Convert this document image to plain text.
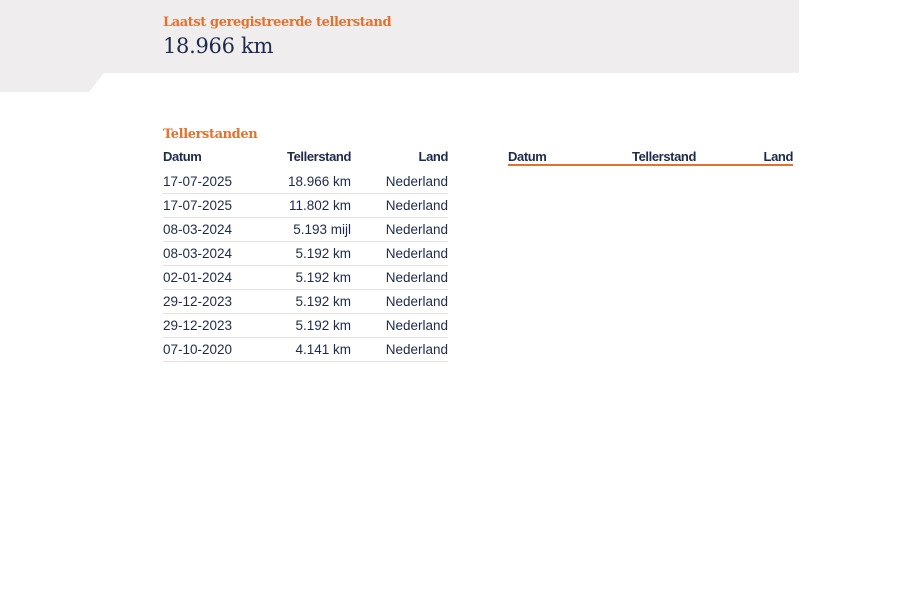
Laatst geregistreerde tellerstand
18.966 km
Tellerstanden
Datum	Tellerstand	Land
17-07-2025	18.966 km	Nederland
17-07-2025	11.802 km	Nederland
08-03-2024	5.193 mijl	Nederland
08-03-2024	5.192 km	Nederland
02-01-2024	5.192 km	Nederland
29-12-2023	5.192 km	Nederland
29-12-2023	5.192 km	Nederland
07-10-2020	4.141 km	Nederland
Datum	Tellerstand	Land
